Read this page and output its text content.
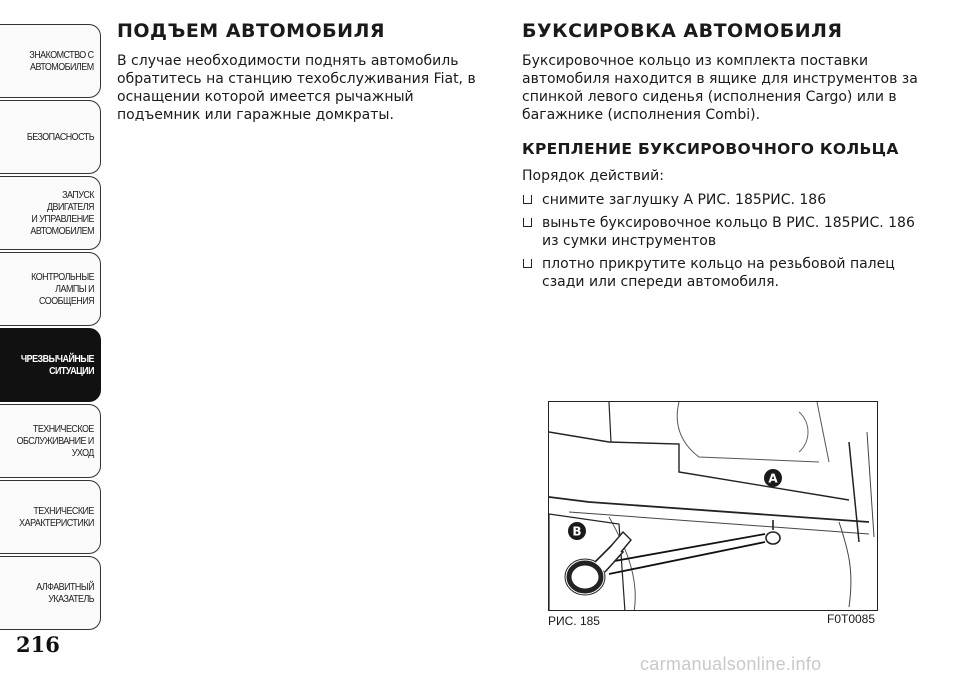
ЗНАКОМСТВО С
АВТОМОБИЛЕМ
БЕЗОПАСНОСТЬ
ЗАПУСК ДВИГАТЕЛЯ
И УПРАВЛЕНИЕ
АВТОМОБИЛЕМ
КОНТРОЛЬНЫЕ
ЛАМПЫ И
СООБЩЕНИЯ
ЧРЕЗВЫЧАЙНЫЕ
СИТУАЦИИ
ТЕХНИЧЕСКОЕ
ОБСЛУЖИВАНИЕ И
УХОД
ТЕХНИЧЕСКИЕ
ХАРАКТЕРИСТИКИ
АЛФАВИТНЫЙ
УКАЗАТЕЛЬ
216
ПОДЪЕМ АВТОМОБИЛЯ

В случае необходимости поднять автомобиль обратитесь на станцию техобслуживания Fiat, в оснащении которой имеется рычажный подъемник или гаражные домкраты.

БУКСИРОВКА АВТОМОБИЛЯ

Буксировочное кольцо из комплекта поставки автомобиля находится в ящике для инструментов за спинкой левого сиденья (исполнения Cargo) или в багажнике (исполнения Combi).

КРЕПЛЕНИЕ БУКСИРОВОЧНОГО КОЛЬЦА

Порядок действий:

снимите заглушку A РИС. 185РИС. 186
выньте буксировочное кольцо B РИС. 185РИС. 186 из сумки инструментов
плотно прикрутите кольцо на резьбовой палец сзади или спереди автомобиля.
A
B
РИС. 185	F0T0085
carmanualsonline.info
